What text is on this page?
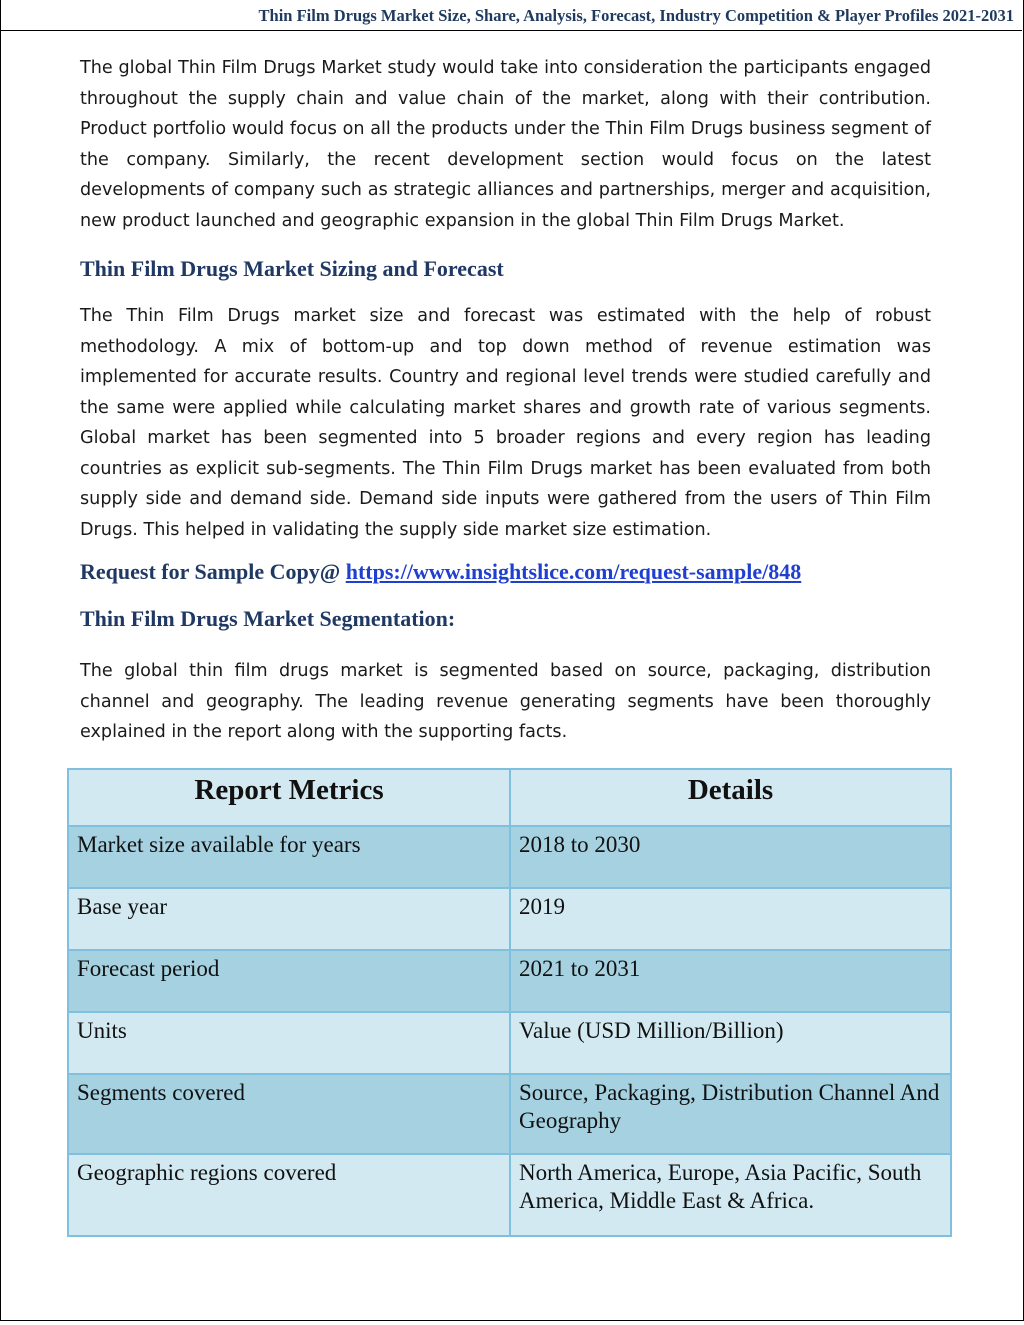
Thin Film Drugs Market Size, Share, Analysis, Forecast, Industry Competition & Player Profiles 2021-2031

The global Thin Film Drugs Market study would take into consideration the participants engaged throughout the supply chain and value chain of the market, along with their contribution. Product portfolio would focus on all the products under the Thin Film Drugs business segment of the company. Similarly, the recent development section would focus on the latest developments of company such as strategic alliances and partnerships, merger and acquisition, new product launched and geographic expansion in the global Thin Film Drugs Market.

Thin Film Drugs Market Sizing and Forecast

The Thin Film Drugs market size and forecast was estimated with the help of robust methodology. A mix of bottom-up and top down method of revenue estimation was implemented for accurate results. Country and regional level trends were studied carefully and the same were applied while calculating market shares and growth rate of various segments. Global market has been segmented into 5 broader regions and every region has leading countries as explicit sub-segments. The Thin Film Drugs market has been evaluated from both supply side and demand side. Demand side inputs were gathered from the users of Thin Film Drugs. This helped in validating the supply side market size estimation.

Request for Sample Copy@ https://www.insightslice.com/request-sample/848
Thin Film Drugs Market Segmentation:

The global thin film drugs market is segmented based on source, packaging, distribution channel and geography. The leading revenue generating segments have been thoroughly explained in the report along with the supporting facts.

Report Metrics	Details
Market size available for years	2018 to 2030
Base year	2019
Forecast period	2021 to 2031
Units	Value (USD Million/Billion)
Segments covered	Source, Packaging, Distribution Channel And Geography
Geographic regions covered	North America, Europe, Asia Pacific, South America, Middle East & Africa.
